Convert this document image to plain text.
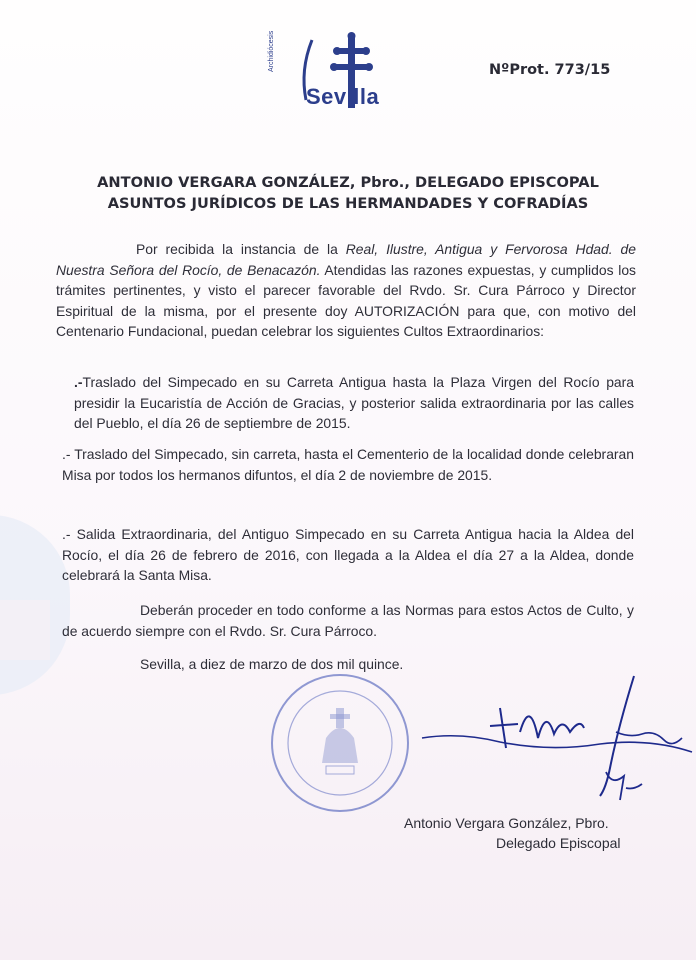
Archidiócesis
Sevilla
NºProt. 773/15
ANTONIO VERGARA GONZÁLEZ, Pbro., DELEGADO EPISCOPAL
ASUNTOS JURÍDICOS DE LAS HERMANDADES Y COFRADÍAS
Por recibida la instancia de la Real, Ilustre, Antigua y Fervorosa Hdad. de Nuestra Señora del Rocío, de Benacazón. Atendidas las razones expuestas, y cumplidos los trámites pertinentes, y visto el parecer favorable del Rvdo. Sr. Cura Párroco y Director Espiritual de la misma, por el presente doy AUTORIZACIÓN para que, con motivo del Centenario Fundacional, puedan celebrar los siguientes Cultos Extraordinarios:
.-Traslado del Simpecado en su Carreta Antigua hasta la Plaza Virgen del Rocío para presidir la Eucaristía de Acción de Gracias, y posterior salida extraordinaria por las calles del Pueblo, el día 26 de septiembre de 2015.
.- Traslado del Simpecado, sin carreta, hasta el Cementerio de la localidad donde celebraran Misa por todos los hermanos difuntos, el día 2 de noviembre de 2015.
.- Salida Extraordinaria, del Antiguo Simpecado en su Carreta Antigua hacia la Aldea del Rocío, el día 26 de febrero de 2016, con llegada a la Aldea el día 27 a la Aldea, donde celebrará la Santa Misa.
Deberán proceder en todo conforme a las Normas para estos Actos de Culto, y de acuerdo siempre con el Rvdo. Sr. Cura Párroco.
Sevilla, a diez de marzo de dos mil quince.
Antonio Vergara González, Pbro.
Delegado Episcopal
